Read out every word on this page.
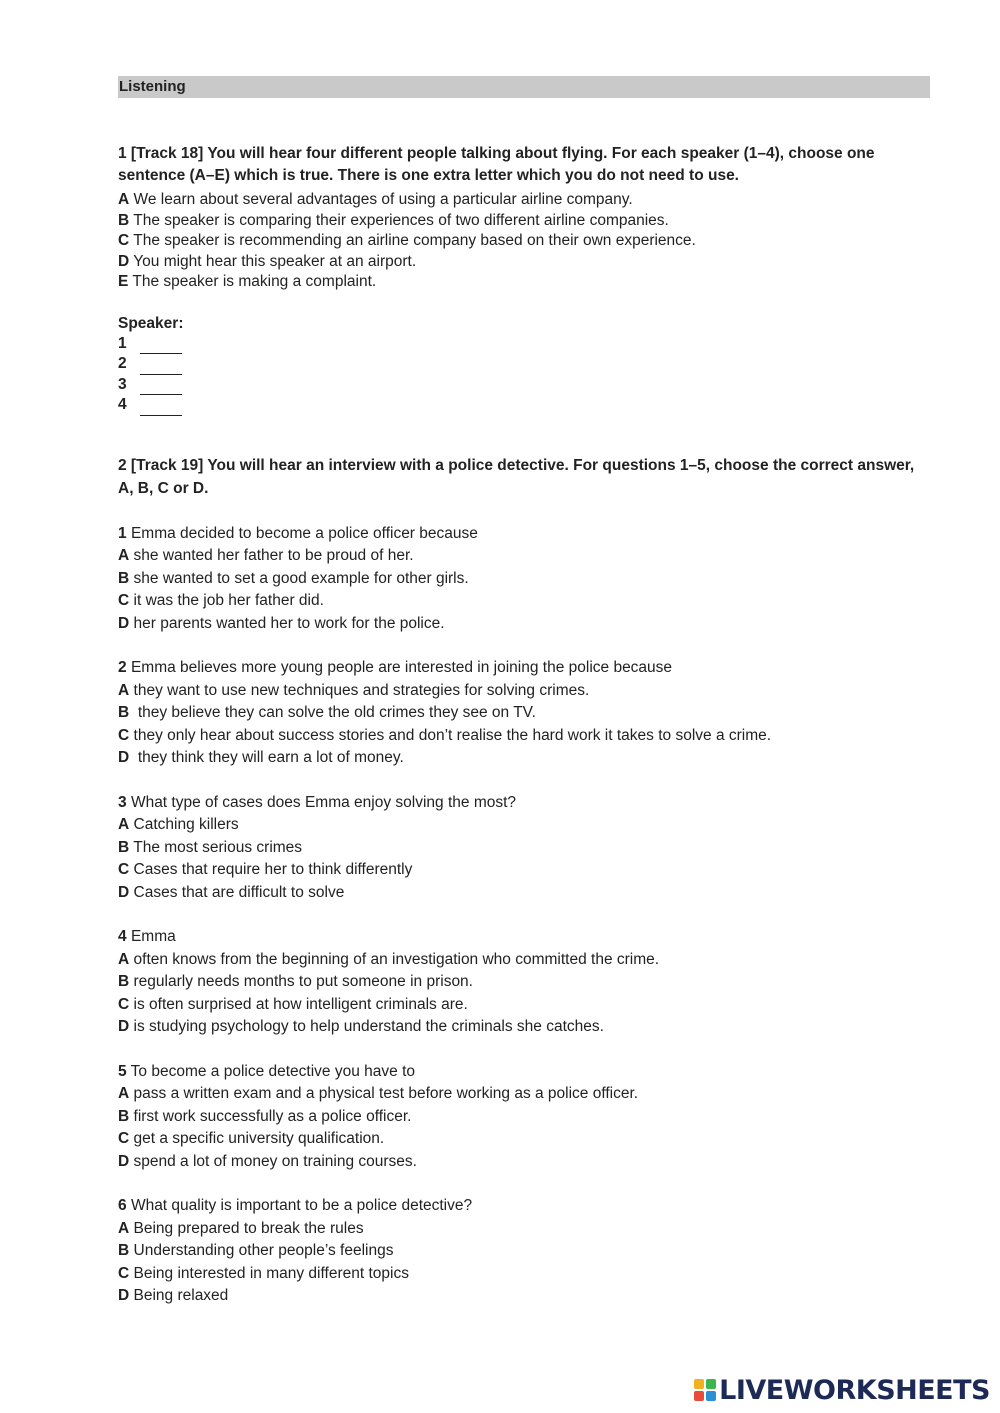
Listening

1 [Track 18] You will hear four different people talking about flying. For each speaker (1–4), choose one sentence (A–E) which is true. There is one extra letter which you do not need to use.

A We learn about several advantages of using a particular airline company.

B The speaker is comparing their experiences of two different airline companies.

C The speaker is recommending an airline company based on their own experience.

D You might hear this speaker at an airport.

E The speaker is making a complaint.

Speaker:
1
2
3
4

2 [Track 19] You will hear an interview with a police detective. For questions 1–5, choose the correct answer, A, B, C or D.

1 Emma decided to become a police officer because

A she wanted her father to be proud of her.

B she wanted to set a good example for other girls.

C it was the job her father did.

D her parents wanted her to work for the police.

2 Emma believes more young people are interested in joining the police because

A they want to use new techniques and strategies for solving crimes.

B  they believe they can solve the old crimes they see on TV.

C they only hear about success stories and don’t realise the hard work it takes to solve a crime.

D  they think they will earn a lot of money.

3 What type of cases does Emma enjoy solving the most?

A Catching killers

B The most serious crimes

C Cases that require her to think differently

D Cases that are difficult to solve

4 Emma

A often knows from the beginning of an investigation who committed the crime.

B regularly needs months to put someone in prison.

C is often surprised at how intelligent criminals are.

D is studying psychology to help understand the criminals she catches.

5 To become a police detective you have to

A pass a written exam and a physical test before working as a police officer.

B first work successfully as a police officer.

C get a specific university qualification.

D spend a lot of money on training courses.

6 What quality is important to be a police detective?

A Being prepared to break the rules

B Understanding other people’s feelings

C Being interested in many different topics

D Being relaxed

LIVEWORKSHEETS
